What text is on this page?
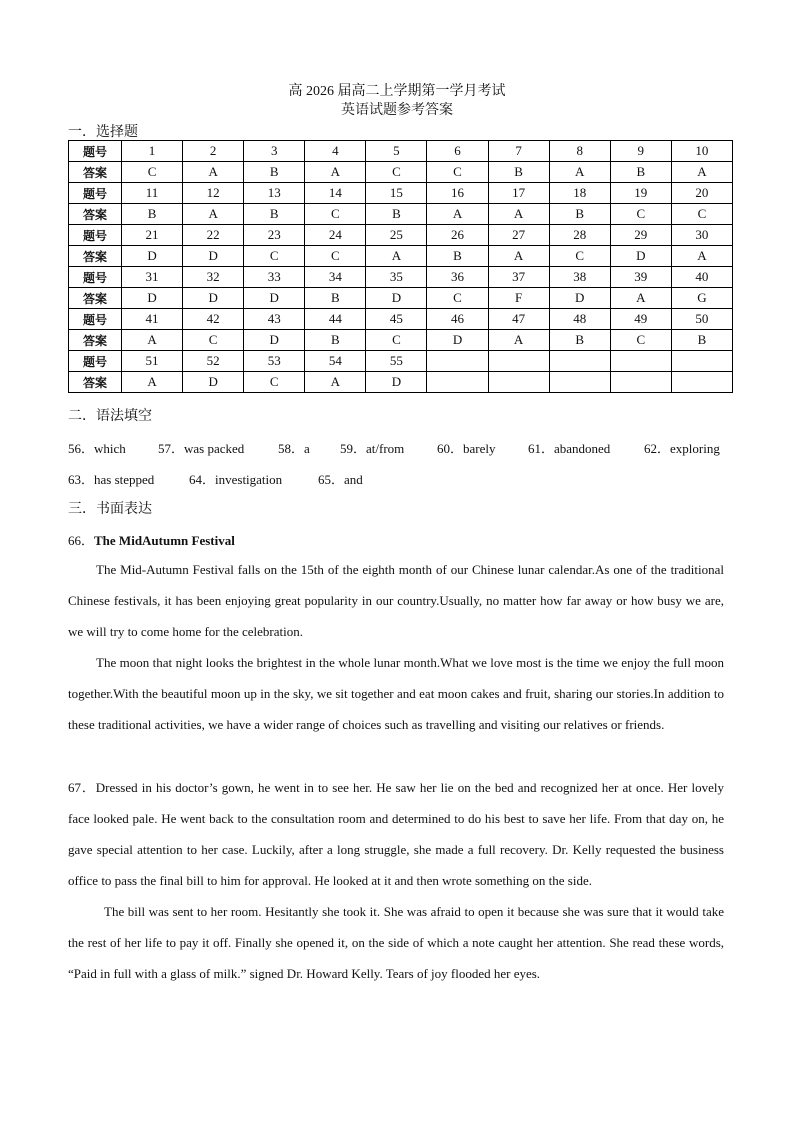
高 2026 届高二上学期第一学月考试
英语试题参考答案
一．选择题
题号	1	2	3	4	5	6	7	8	9	10
答案	C	A	B	A	C	C	B	A	B	A
题号	11	12	13	14	15	16	17	18	19	20
答案	B	A	B	C	B	A	A	B	C	C
题号	21	22	23	24	25	26	27	28	29	30
答案	D	D	C	C	A	B	A	C	D	A
题号	31	32	33	34	35	36	37	38	39	40
答案	D	D	D	B	D	C	F	D	A	G
题号	41	42	43	44	45	46	47	48	49	50
答案	A	C	D	B	C	D	A	B	C	B
题号	51	52	53	54	55					
答案	A	D	C	A	D					
二．语法填空
56．which 57．was packed	58．a 59．at/from	60．barely	61．abandoned	62．exploring
63．has stepped	64．investigation	65．and
三．书面表达
66．The MidAutumn Festival

The Mid-Autumn Festival falls on the 15th of the eighth month of our Chinese lunar calendar.As one of the traditional Chinese festivals, it has been enjoying great popularity in our country.Usually, no matter how far away or how busy we are, we will try to come home for the celebration.

The moon that night looks the brightest in the whole lunar month.What we love most is the time we enjoy the full moon together.With the beautiful moon up in the sky, we sit together and eat moon cakes and fruit, sharing our stories.In addition to these traditional activities, we have a wider range of choices such as travelling and visiting our relatives or friends.

67．Dressed in his doctor’s gown, he went in to see her. He saw her lie on the bed and recognized her at once. Her lovely face looked pale. He went back to the consultation room and determined to do his best to save her life. From that day on, he gave special attention to her case. Luckily, after a long struggle, she made a full recovery. Dr. Kelly requested the business office to pass the final bill to him for approval. He looked at it and then wrote something on the side.

The bill was sent to her room. Hesitantly she took it. She was afraid to open it because she was sure that it would take the rest of her life to pay it off. Finally she opened it, on the side of which a note caught her attention. She read these words, “Paid in full with a glass of milk.” signed Dr. Howard Kelly. Tears of joy flooded her eyes.
